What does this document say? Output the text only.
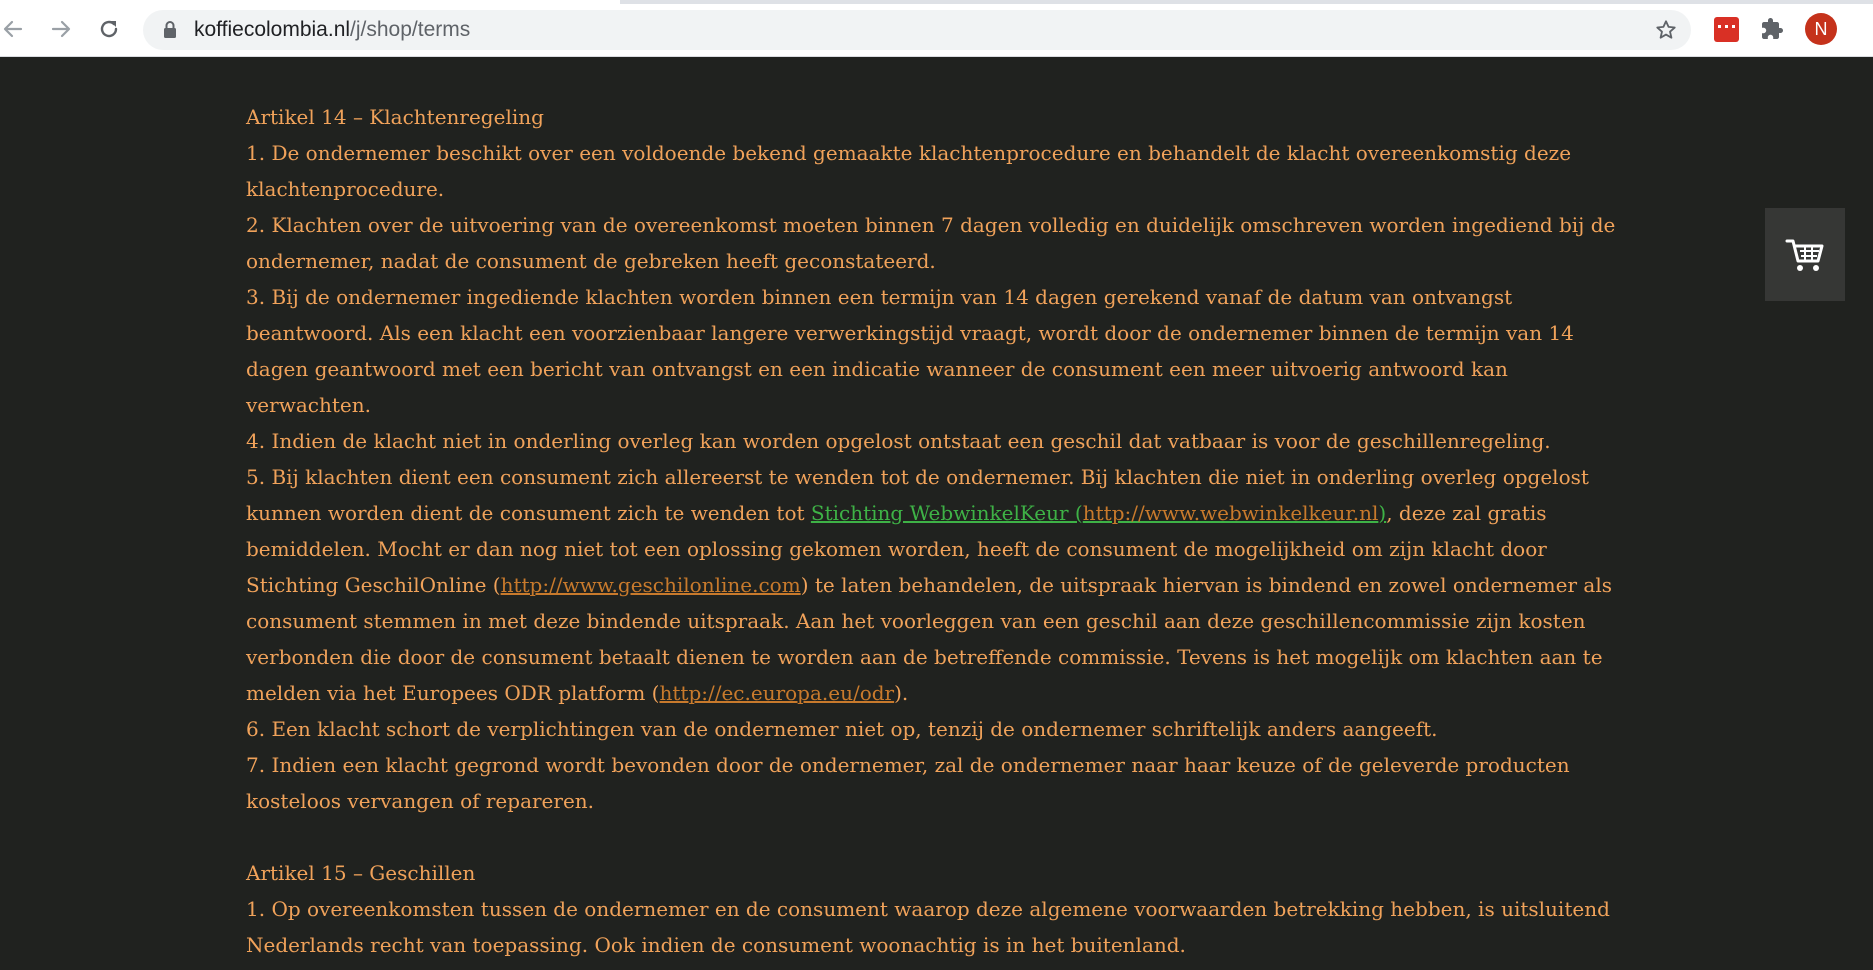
koffiecolombia.nl/j/shop/terms	N

Artikel 14 – Klachtenregeling

1. De ondernemer beschikt over een voldoende bekend gemaakte klachtenprocedure en behandelt de klacht overeenkomstig deze klachtenprocedure.

2. Klachten over de uitvoering van de overeenkomst moeten binnen 7 dagen volledig en duidelijk omschreven worden ingediend bij de ondernemer, nadat de consument de gebreken heeft geconstateerd.

3. Bij de ondernemer ingediende klachten worden binnen een termijn van 14 dagen gerekend vanaf de datum van ontvangst beantwoord. Als een klacht een voorzienbaar langere verwerkingstijd vraagt, wordt door de ondernemer binnen de termijn van 14 dagen geantwoord met een bericht van ontvangst en een indicatie wanneer de consument een meer uitvoerig antwoord kan verwachten.

4. Indien de klacht niet in onderling overleg kan worden opgelost ontstaat een geschil dat vatbaar is voor de geschillenregeling.

5. Bij klachten dient een consument zich allereerst te wenden tot de ondernemer. Bij klachten die niet in onderling overleg opgelost kunnen worden dient de consument zich te wenden tot Stichting WebwinkelKeur (http://www.webwinkelkeur.nl), deze zal gratis bemiddelen. Mocht er dan nog niet tot een oplossing gekomen worden, heeft de consument de mogelijkheid om zijn klacht door Stichting GeschilOnline (http://www.geschilonline.com) te laten behandelen, de uitspraak hiervan is bindend en zowel ondernemer als consument stemmen in met deze bindende uitspraak. Aan het voorleggen van een geschil aan deze geschillencommissie zijn kosten verbonden die door de consument betaalt dienen te worden aan de betreffende commissie. Tevens is het mogelijk om klachten aan te melden via het Europees ODR platform (http://ec.europa.eu/odr).

6. Een klacht schort de verplichtingen van de ondernemer niet op, tenzij de ondernemer schriftelijk anders aangeeft.

7. Indien een klacht gegrond wordt bevonden door de ondernemer, zal de ondernemer naar haar keuze of de geleverde producten kosteloos vervangen of repareren.

Artikel 15 – Geschillen

1. Op overeenkomsten tussen de ondernemer en de consument waarop deze algemene voorwaarden betrekking hebben, is uitsluitend Nederlands recht van toepassing. Ook indien de consument woonachtig is in het buitenland.
